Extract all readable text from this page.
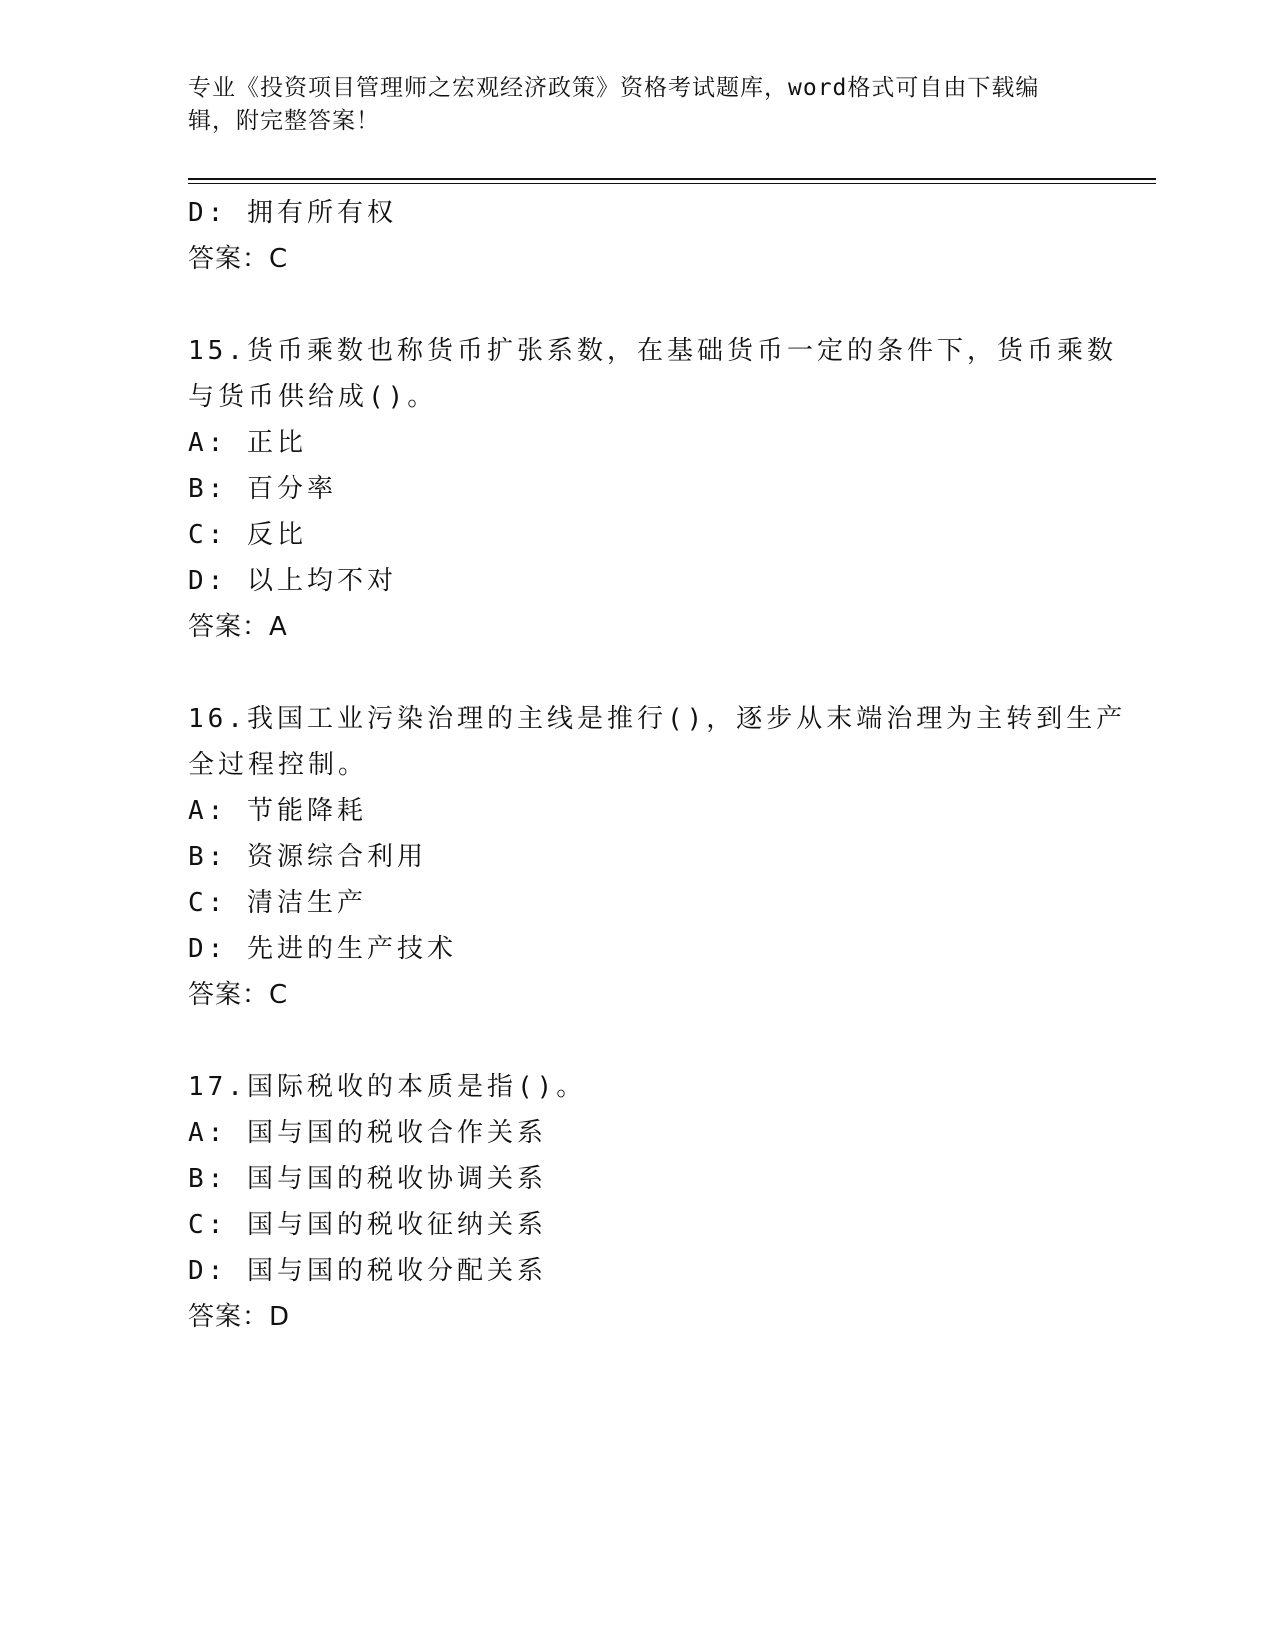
专业《投资项目管理师之宏观经济政策》资格考试题库，word格式可自由下载编
辑，附完整答案！
D: 拥有所有权
答案：C
15.货币乘数也称货币扩张系数，在基础货币一定的条件下，货币乘数
与货币供给成()。
A: 正比
B: 百分率
C: 反比
D: 以上均不对
答案：A
16.我国工业污染治理的主线是推行()，逐步从末端治理为主转到生产
全过程控制。
A: 节能降耗
B: 资源综合利用
C: 清洁生产
D: 先进的生产技术
答案：C
17.国际税收的本质是指()。
A: 国与国的税收合作关系
B: 国与国的税收协调关系
C: 国与国的税收征纳关系
D: 国与国的税收分配关系
答案：D
